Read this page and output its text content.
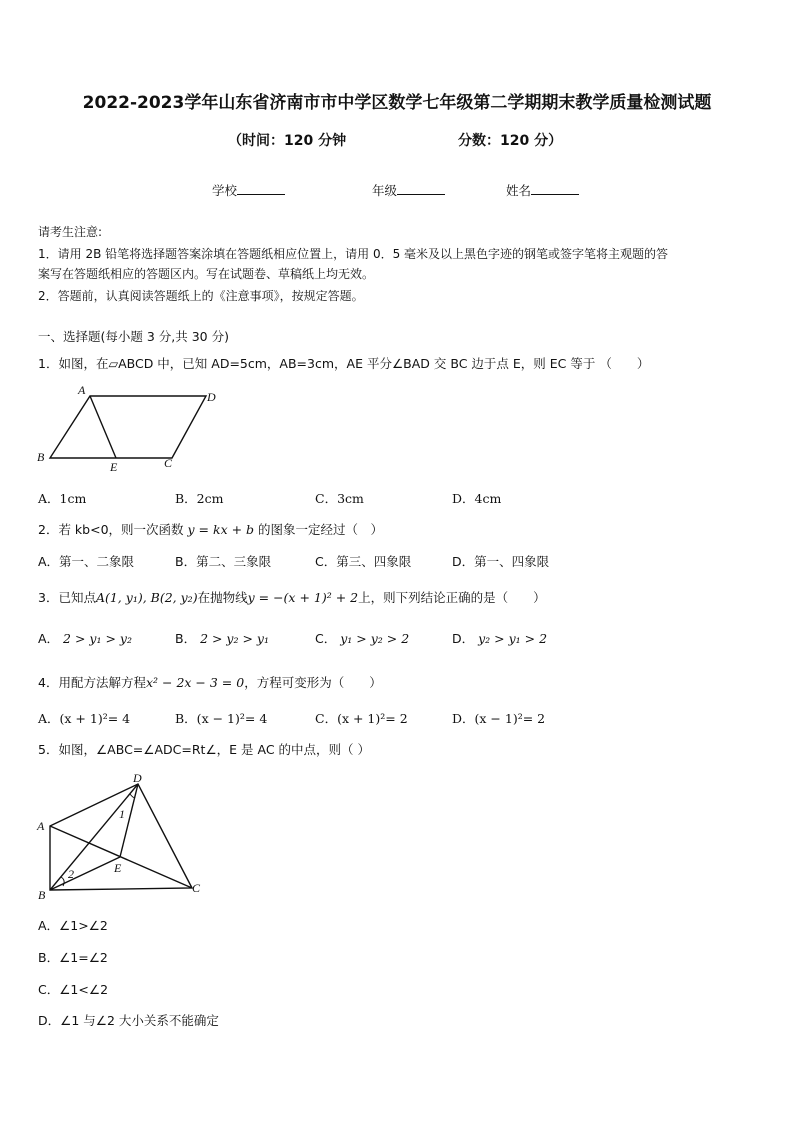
2022-2023学年山东省济南市市中学区数学七年级第二学期期末教学质量检测试题
（时间：120 分钟	分数：120 分）
学校	年级	姓名
请考生注意:
1．请用 2B 铅笔将选择题答案涂填在答题纸相应位置上，请用 0．5 毫米及以上黑色字迹的钢笔或签字笔将主观题的答
案写在答题纸相应的答题区内。写在试题卷、草稿纸上均无效。
2．答题前，认真阅读答题纸上的《注意事项》，按规定答题。
一、选择题(每小题 3 分,共 30 分)
1．如图，在▱ABCD 中，已知 AD=5cm，AB=3cm，AE 平分∠BAD 交 BC 边于点 E，则 EC 等于 （　　）
A	D
B	C
E
A．1cm	B．2cm	C．3cm	D．4cm
2．若 kb<0，则一次函数 y = kx + b 的图象一定经过（　）
A．第一、二象限	B．第二、三象限	C．第三、四象限	D．第一、四象限
3．已知点A(1, y₁), B(2, y₂)在抛物线y = −(x + 1)² + 2上，则下列结论正确的是（　　）
A． 2 > y₁ > y₂	B． 2 > y₂ > y₁	C． y₁ > y₂ > 2	D． y₂ > y₁ > 2
4．用配方法解方程x² − 2x − 3 = 0，方程可变形为（　　）
A．(x + 1)²= 4	B．(x − 1)²= 4	C．(x + 1)²= 2	D．(x − 1)²= 2
5．如图，∠ABC=∠ADC=Rt∠，E 是 AC 的中点，则（ ）
D
A
B	C
E
1
2
A．∠1>∠2
B．∠1=∠2
C．∠1<∠2
D．∠1 与∠2 大小关系不能确定
